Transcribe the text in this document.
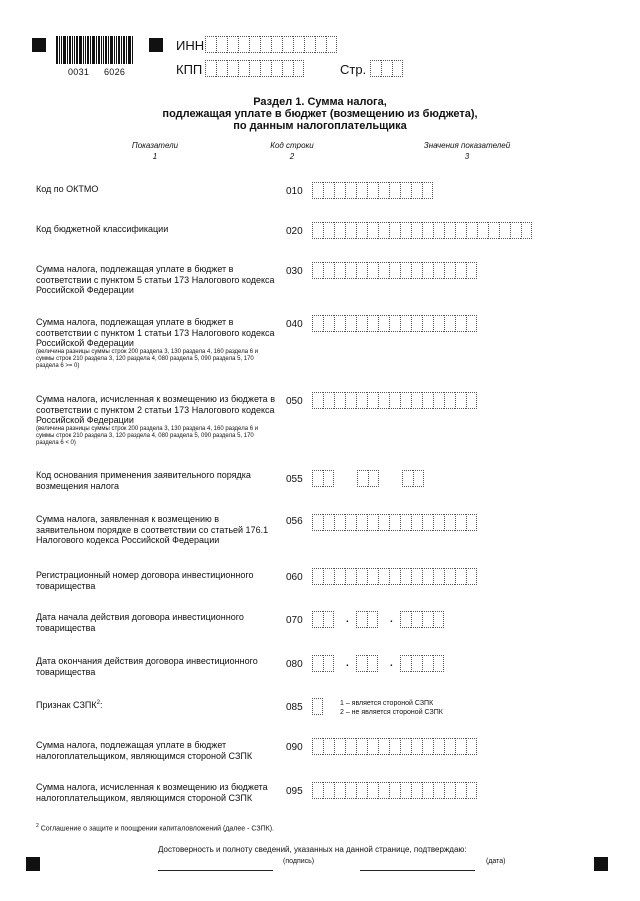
0031 6026
ИНН
КПП	Стр.
Раздел 1. Сумма налога,
подлежащая уплате в бюджет (возмещению из бюджета),
по данным налогоплательщика
Показатели
1
Код строки
2
Значения показателей
3
Код по ОКТМО	010
Код бюджетной классификации	020
Сумма налога, подлежащая уплате в бюджет в соответствии с пунктом 5 статьи 173 Налогового кодекса Российской Федерации
030
Сумма налога, подлежащая уплате в бюджет в соответствии с пунктом 1 статьи 173 Налогового кодекса Российской Федерации
(величина разницы суммы строк 200 раздела 3, 130 раздела 4, 160 раздела 6 и суммы строк 210 раздела 3, 120 раздела 4, 080 раздела 5, 090 раздела 5, 170 раздела 6 >= 0)
040
Сумма налога, исчисленная к возмещению из бюджета в соответствии с пунктом 2 статьи 173 Налогового кодекса Российской Федерации
(величина разницы суммы строк 200 раздела 3, 130 раздела 4, 160 раздела 6 и суммы строк 210 раздела 3, 120 раздела 4, 080 раздела 5, 090 раздела 5, 170 раздела 6 < 0)
050
Код основания применения заявительного порядка возмещения налога
055
Сумма налога, заявленная к возмещению в заявительном порядке в соответствии со статьей 176.1 Налогового кодекса Российской Федерации
056
Регистрационный номер договора инвестиционного товарищества
060
Дата начала действия договора инвестиционного товарищества
070	.	.
Дата окончания действия договора инвестиционного товарищества
080	.	.
Признак СЗПК$^2$:	085	1 – является стороной СЗПК
2 – не является стороной СЗПК
Сумма налога, подлежащая уплате в бюджет налогоплательщиком, являющимся стороной СЗПК
090
Сумма налога, исчисленная к возмещению из бюджета налогоплательщиком, являющимся стороной СЗПК
095
$^2$ Соглашение о защите и поощрении капиталовложений (далее - СЗПК).
Достоверность и полноту сведений, указанных на данной странице, подтверждаю:
(подпись)	(дата)
